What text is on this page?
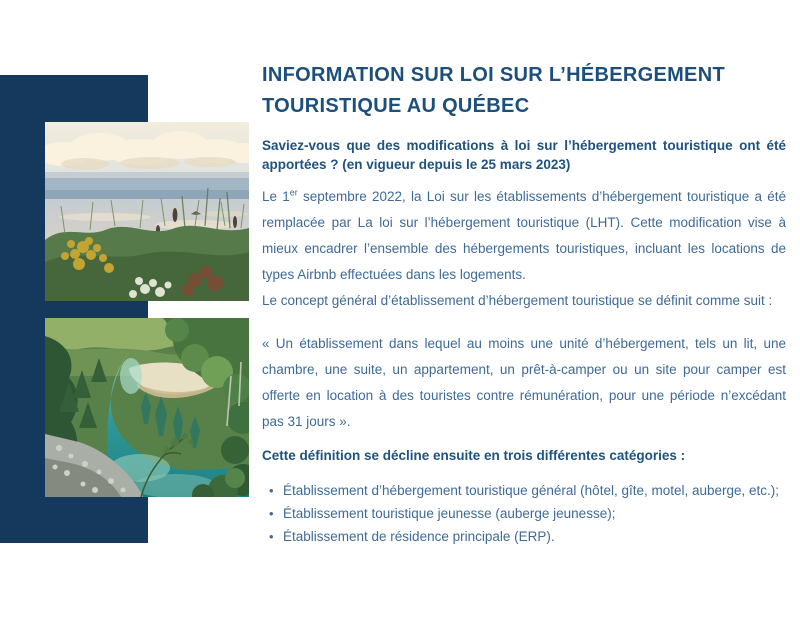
INFORMATION SUR LOI SUR L’HÉBERGEMENT TOURISTIQUE AU QUÉBEC

Saviez-vous que des modifications à loi sur l’hébergement touristique ont été apportées ? (en vigueur depuis le 25 mars 2023)

Le 1er septembre 2022, la Loi sur les établissements d’hébergement touristique a été remplacée par La loi sur l’hébergement touristique (LHT). Cette modification vise à mieux encadrer l’ensemble des hébergements touristiques, incluant les locations de types Airbnb effectuées dans les logements.

Le concept général d’établissement d’hébergement touristique se définit comme suit :

« Un établissement dans lequel au moins une unité d’hébergement, tels un lit, une chambre, une suite, un appartement, un prêt-à-camper ou un site pour camper est offerte en location à des touristes contre rémunération, pour une période n’excédant pas 31 jours ».

Cette définition se décline ensuite en trois différentes catégories :

• Établissement d’hébergement touristique général (hôtel, gîte, motel, auberge, etc.);
• Établissement touristique jeunesse (auberge jeunesse);
• Établissement de résidence principale (ERP).
